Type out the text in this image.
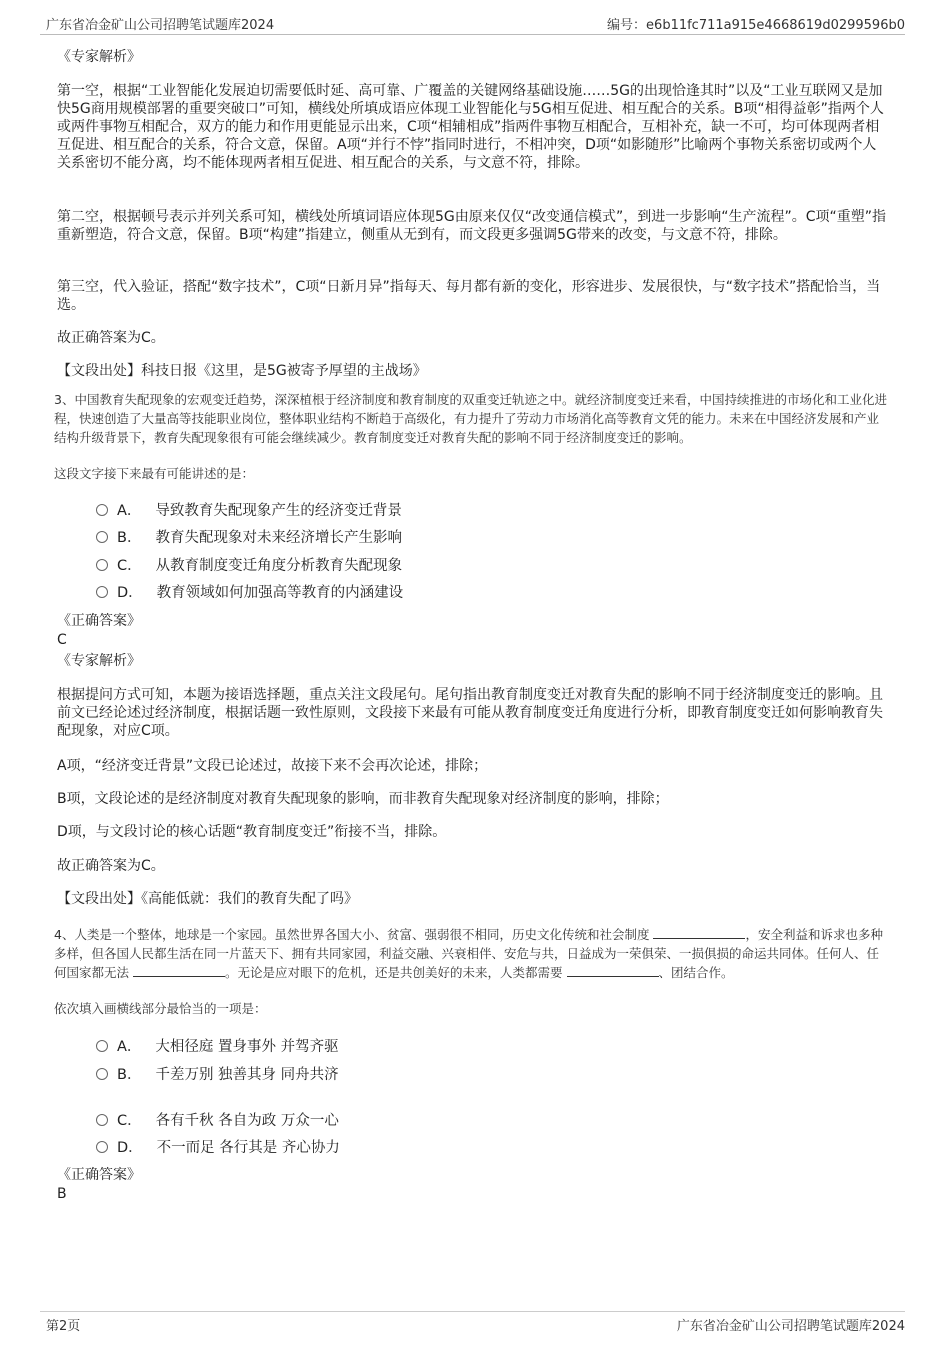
广东省冶金矿山公司招聘笔试题库2024	编号：e6b11fc711a915e4668619d0299596b0
《专家解析》
第一空，根据“工业智能化发展迫切需要低时延、高可靠、广覆盖的关键网络基础设施……5G的出现恰逢其时”以及“工业互联网又是加快5G商用规模部署的重要突破口”可知，横线处所填成语应体现工业智能化与5G相互促进、相互配合的关系。B项“相得益彰”指两个人或两件事物互相配合，双方的能力和作用更能显示出来，C项“相辅相成”指两件事物互相配合，互相补充，缺一不可，均可体现两者相互促进、相互配合的关系，符合文意，保留。A项“并行不悖”指同时进行，不相冲突，D项“如影随形”比喻两个事物关系密切或两个人关系密切不能分离，均不能体现两者相互促进、相互配合的关系，与文意不符，排除。
第二空，根据顿号表示并列关系可知，横线处所填词语应体现5G由原来仅仅“改变通信模式”，到进一步影响“生产流程”。C项“重塑”指重新塑造，符合文意，保留。B项“构建”指建立，侧重从无到有，而文段更多强调5G带来的改变，与文意不符，排除。
第三空，代入验证，搭配“数字技术”，C项“日新月异”指每天、每月都有新的变化，形容进步、发展很快，与“数字技术”搭配恰当，当选。
故正确答案为C。
【文段出处】科技日报《这里，是5G被寄予厚望的主战场》
3、中国教育失配现象的宏观变迁趋势，深深植根于经济制度和教育制度的双重变迁轨迹之中。就经济制度变迁来看，中国持续推进的市场化和工业化进程，快速创造了大量高等技能职业岗位，整体职业结构不断趋于高级化，有力提升了劳动力市场消化高等教育文凭的能力。未来在中国经济发展和产业结构升级背景下，教育失配现象很有可能会继续减少。教育制度变迁对教育失配的影响不同于经济制度变迁的影响。
这段文字接下来最有可能讲述的是：
A． 导致教育失配现象产生的经济变迁背景
B． 教育失配现象对未来经济增长产生影响
C． 从教育制度变迁角度分析教育失配现象
D． 教育领域如何加强高等教育的内涵建设
《正确答案》
C
《专家解析》
根据提问方式可知，本题为接语选择题，重点关注文段尾句。尾句指出教育制度变迁对教育失配的影响不同于经济制度变迁的影响。且前文已经论述过经济制度，根据话题一致性原则，文段接下来最有可能从教育制度变迁角度进行分析，即教育制度变迁如何影响教育失配现象，对应C项。
A项，“经济变迁背景”文段已论述过，故接下来不会再次论述，排除；
B项，文段论述的是经济制度对教育失配现象的影响，而非教育失配现象对经济制度的影响，排除；
D项，与文段讨论的核心话题“教育制度变迁”衔接不当，排除。
故正确答案为C。
【文段出处】《高能低就：我们的教育失配了吗》
4、人类是一个整体，地球是一个家园。虽然世界各国大小、贫富、强弱很不相同，历史文化传统和社会制度	，安全利益和诉求也多种多样，但各国人民都生活在同一片蓝天下、拥有共同家园，利益交融、兴衰相伴、安危与共，日益成为一荣俱荣、一损俱损的命运共同体。任何人、任何国家都无法	。无论是应对眼下的危机，还是共创美好的未来，人类都需要	、团结合作。
依次填入画横线部分最恰当的一项是：
A． 大相径庭 置身事外 并驾齐驱
B． 千差万别 独善其身 同舟共济
C． 各有千秋 各自为政 万众一心
D． 不一而足 各行其是 齐心协力
《正确答案》
B
第2页	广东省冶金矿山公司招聘笔试题库2024
